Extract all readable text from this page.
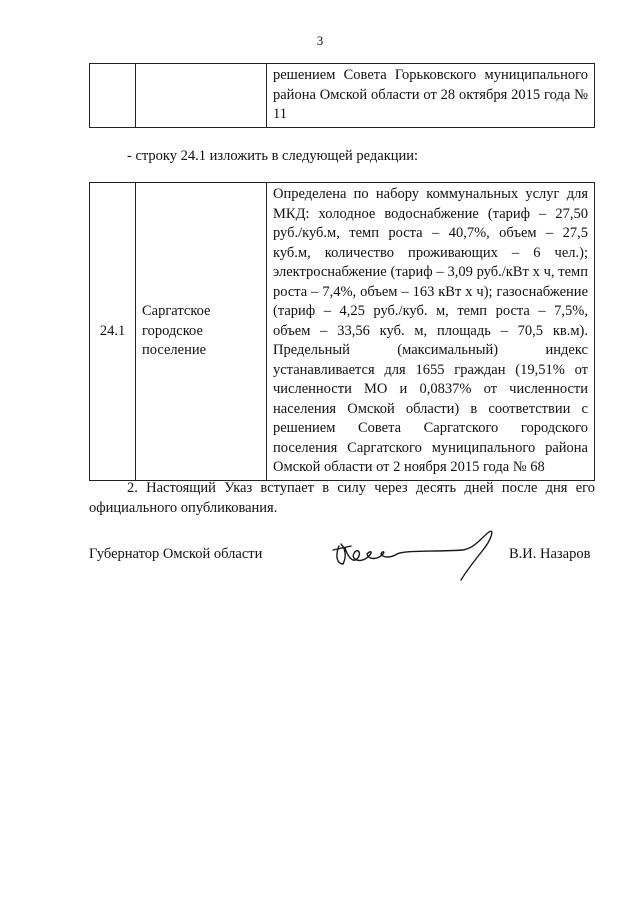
3
		решением Совета Горьковского муниципального района Омской области от 28 октября 2015 года № 11
- строку 24.1 изложить в следующей редакции:
24.1	Саргатское городское поселение	Определена по набору коммунальных услуг для МКД: холодное водоснабжение (тариф – 27,50 руб./куб.м, темп роста – 40,7%, объем – 27,5 куб.м, количество проживающих – 6 чел.); электроснабжение (тариф – 3,09 руб./кВт х ч, темп роста – 7,4%, объем – 163 кВт х ч); газоснабжение (тариф – 4,25 руб./куб. м, темп роста – 7,5%, объем – 33,56 куб. м, площадь – 70,5 кв.м). Предельный (максимальный) индекс устанавливается для 1655 граждан (19,51% от численности МО и 0,0837% от численности населения Омской области) в соответствии с решением Совета Саргатского городского поселения Саргатского муниципального района Омской области от 2 ноября 2015 года № 68
2. Настоящий Указ вступает в силу через десять дней после дня его официального опубликования.
Губернатор Омской области	В.И. Назаров
